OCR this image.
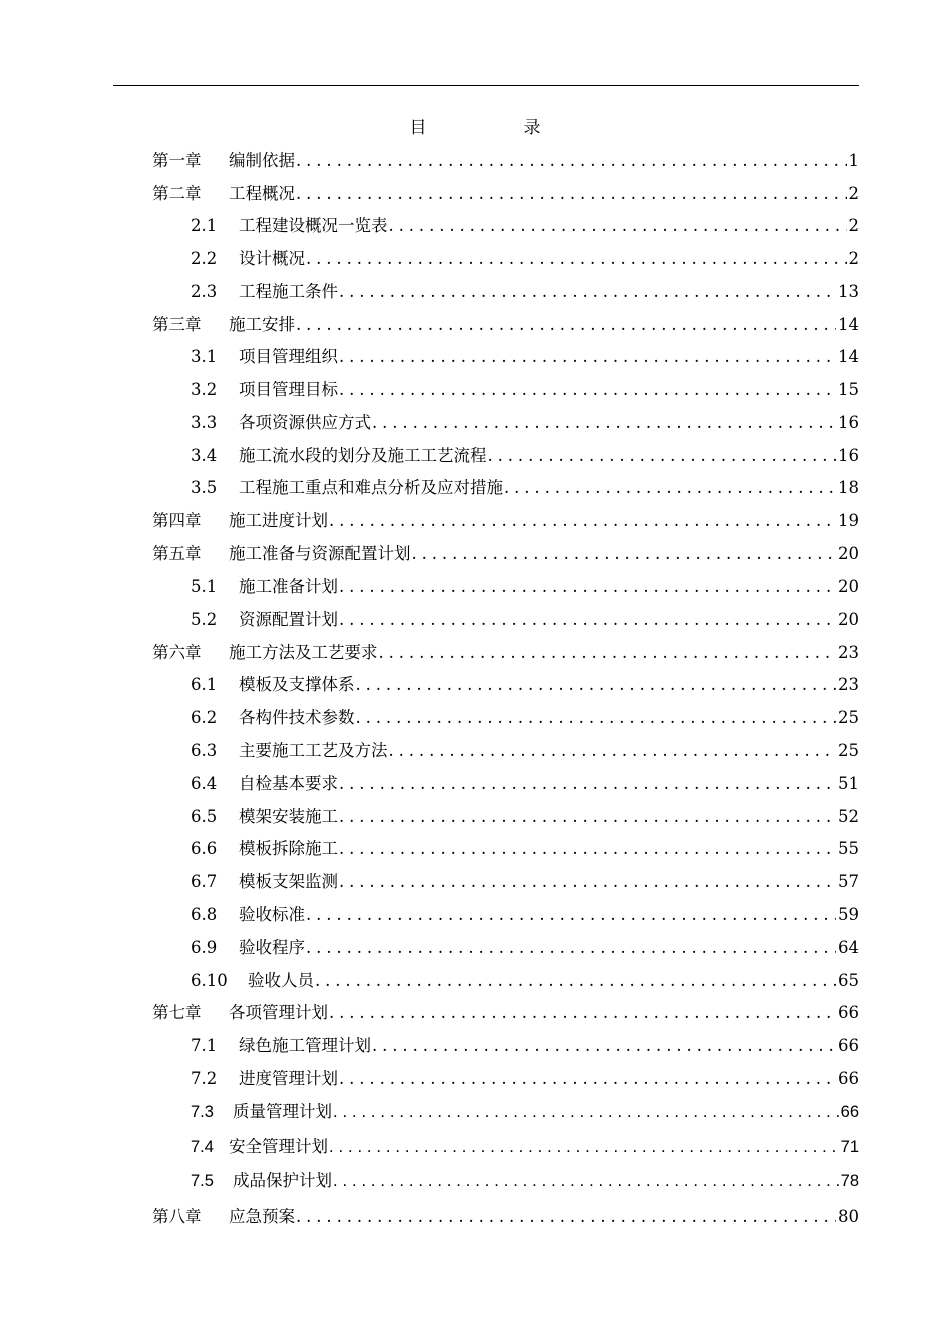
目　录
第一章	编制依据 .....	1
第二章	工程概况 .....	2
2.1	工程建设概况一览表 .....	2
2.2	设计概况 .....	2
2.3	工程施工条件 .....	13
第三章	施工安排 .....	14
3.1	项目管理组织 .....	14
3.2	项目管理目标 .....	15
3.3	各项资源供应方式 .....	16
3.4	施工流水段的划分及施工工艺流程 .....	16
3.5	工程施工重点和难点分析及应对措施 .....	18
第四章	施工进度计划 .....	19
第五章	施工准备与资源配置计划 .....	20
5.1	施工准备计划 .....	20
5.2	资源配置计划 .....	20
第六章	施工方法及工艺要求 .....	23
6.1	模板及支撑体系 .....	23
6.2	各构件技术参数 .....	25
6.3	主要施工工艺及方法 .....	25
6.4	自检基本要求 .....	51
6.5	模架安装施工 .....	52
6.6	模板拆除施工 .....	55
6.7	模板支架监测 .....	57
6.8	验收标准 .....	59
6.9	验收程序 .....	64
6.10	验收人员 .....	65
第七章	各项管理计划 .....	66
7.1	绿色施工管理计划 .....	66
7.2	进度管理计划 .....	66
7.3	质量管理计划 .....	66
7.4 安全管理计划 .....	71
7.5	成品保护计划 .....	78
第八章	应急预案 .....	80
